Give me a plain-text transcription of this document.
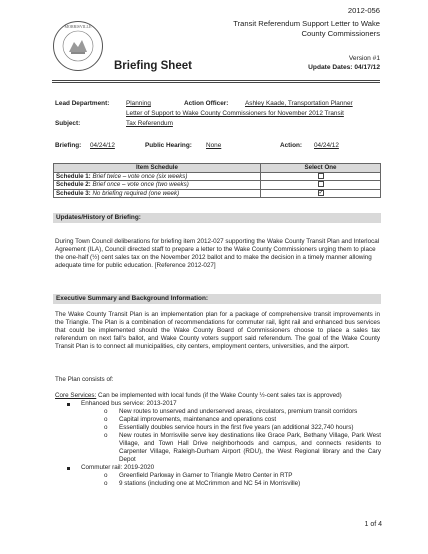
MORRISVILLE
2012-056
Transit Referendum Support Letter to Wake County Commissioners
Version #1
Update Dates: 04/17/12
Briefing Sheet
Lead Department:	Planning	Action Officer:	Ashley Kaade, Transportation Planner
Letter of Support to Wake County Commissioners for November 2012 Transit
Subject:	Tax Referendum
Briefing: 04/24/12	Public Hearing: None	Action: 04/24/12
Item Schedule	Select One
Schedule 1: Brief twice – vote once (six weeks)	
Schedule 2: Brief once – vote once (two weeks)	
Schedule 3: No briefing required (one week)	✓
Updates/History of Briefing:
During Town Council deliberations for briefing item 2012-027 supporting the Wake County Transit Plan and Interlocal Agreement (ILA), Council directed staff to prepare a letter to the Wake County Commissioners urging them to place the one-half (½) cent sales tax on the November 2012 ballot and to make the decision in a timely manner allowing adequate time for public education. [Reference 2012-027]
Executive Summary and Background Information:
The Wake County Transit Plan is an implementation plan for a package of comprehensive transit improvements in the Triangle. The Plan is a combination of recommendations for commuter rail, light rail and enhanced bus services that could be implemented should the Wake County Board of Commissioners choose to place a sales tax referendum on next fall's ballot, and Wake County voters support said referendum. The goal of the Wake County Transit Plan is to connect all municipalities, city centers, employment centers, universities, and the airport.
The Plan consists of:
Core Services: Can be implemented with local funds (if the Wake County ½-cent sales tax is approved)
Enhanced bus service: 2013-2017
o New routes to unserved and underserved areas, circulators, premium transit corridors
o Capital improvements, maintenance and operations cost
o Essentially doubles service hours in the first five years (an additional 322,740 hours)
o New routes in Morrisville serve key destinations like Grace Park, Bethany Village, Park West Village, and Town Hall Drive neighborhoods and campus, and connects residents to Carpenter Village, Raleigh-Durham Airport (RDU), the West Regional library and the Cary Depot
Commuter rail: 2019-2020
o Greenfield Parkway in Garner to Triangle Metro Center in RTP
o 9 stations (including one at McCrimmon and NC 54 in Morrisville)
1 of 4
